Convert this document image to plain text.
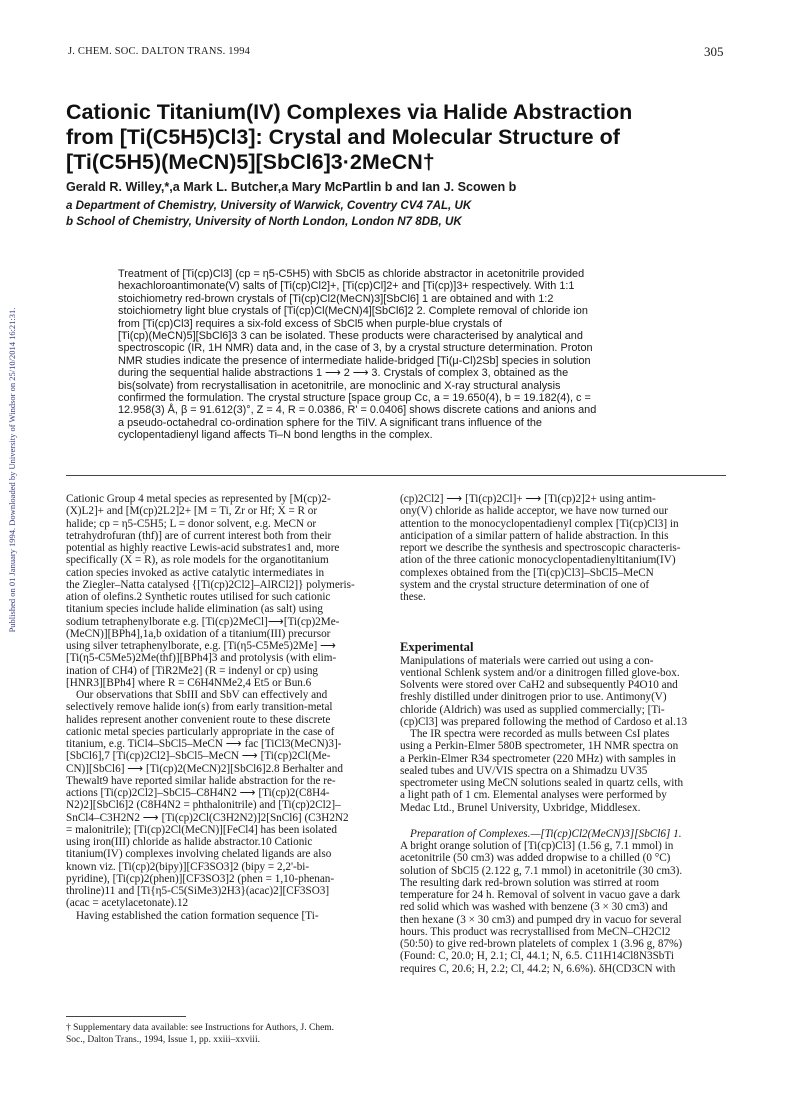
J. CHEM. SOC. DALTON TRANS. 1994	305
Published on 01 January 1994. Downloaded by University of Windsor on 25/10/2014 16:21:31.
Cationic Titanium(IV) Complexes via Halide Abstraction
from [Ti(C5H5)Cl3]: Crystal and Molecular Structure of
[Ti(C5H5)(MeCN)5][SbCl6]3·2MeCN†
Gerald R. Willey,*,a Mark L. Butcher,a Mary McPartlin b and Ian J. Scowen b
a Department of Chemistry, University of Warwick, Coventry CV4 7AL, UK
b School of Chemistry, University of North London, London N7 8DB, UK
Treatment of [Ti(cp)Cl3] (cp = η5-C5H5) with SbCl5 as chloride abstractor in acetonitrile provided
hexachloroantimonate(V) salts of [Ti(cp)Cl2]+, [Ti(cp)Cl]2+ and [Ti(cp)]3+ respectively. With 1:1
stoichiometry red-brown crystals of [Ti(cp)Cl2(MeCN)3][SbCl6] 1 are obtained and with 1:2
stoichiometry light blue crystals of [Ti(cp)Cl(MeCN)4][SbCl6]2 2. Complete removal of chloride ion
from [Ti(cp)Cl3] requires a six-fold excess of SbCl5 when purple-blue crystals of
[Ti(cp)(MeCN)5][SbCl6]3 3 can be isolated. These products were characterised by analytical and
spectroscopic (IR, 1H NMR) data and, in the case of 3, by a crystal structure determination. Proton
NMR studies indicate the presence of intermediate halide-bridged [Ti(μ-Cl)2Sb] species in solution
during the sequential halide abstractions 1 ⟶ 2 ⟶ 3. Crystals of complex 3, obtained as the
bis(solvate) from recrystallisation in acetonitrile, are monoclinic and X-ray structural analysis
confirmed the formulation. The crystal structure [space group Cc, a = 19.650(4), b = 19.182(4), c =
12.958(3) Å, β = 91.612(3)°, Z = 4, R = 0.0386, R' = 0.0406] shows discrete cations and anions and
a pseudo-octahedral co-ordination sphere for the TiIV. A significant trans influence of the
cyclopentadienyl ligand affects Ti–N bond lengths in the complex.
Cationic Group 4 metal species as represented by [M(cp)2-
(X)L2]+ and [M(cp)2L2]2+ [M = Ti, Zr or Hf; X = R or
halide; cp = η5-C5H5; L = donor solvent, e.g. MeCN or
tetrahydrofuran (thf)] are of current interest both from their
potential as highly reactive Lewis-acid substrates1 and, more
specifically (X = R), as role models for the organotitanium
cation species invoked as active catalytic intermediates in
the Ziegler–Natta catalysed {[Ti(cp)2Cl2]–AlRCl2]} polymeris-
ation of olefins.2 Synthetic routes utilised for such cationic
titanium species include halide elimination (as salt) using
sodium tetraphenylborate e.g. [Ti(cp)2MeCl]⟶[Ti(cp)2Me-
(MeCN)][BPh4],1a,b oxidation of a titanium(III) precursor
using silver tetraphenylborate, e.g. [Ti(η5-C5Me5)2Me] ⟶
[Ti(η5-C5Me5)2Me(thf)][BPh4]3 and protolysis (with elim-
ination of CH4) of [TiR2Me2] (R = indenyl or cp) using
[HNR3][BPh4] where R = C6H4NMe2,4 Et5 or Bun.6
Our observations that SbIII and SbV can effectively and
selectively remove halide ion(s) from early transition-metal
halides represent another convenient route to these discrete
cationic metal species particularly appropriate in the case of
titanium, e.g. TiCl4–SbCl5–MeCN ⟶ fac [TiCl3(MeCN)3]-
[SbCl6],7 [Ti(cp)2Cl2]–SbCl5–MeCN ⟶ [Ti(cp)2Cl(Me-
CN)][SbCl6] ⟶ [Ti(cp)2(MeCN)2][SbCl6]2.8 Berhalter and
Thewalt9 have reported similar halide abstraction for the re-
actions [Ti(cp)2Cl2]–SbCl5–C8H4N2 ⟶ [Ti(cp)2(C8H4-
N2)2][SbCl6]2 (C8H4N2 = phthalonitrile) and [Ti(cp)2Cl2]–
SnCl4–C3H2N2 ⟶ [Ti(cp)2Cl(C3H2N2)]2[SnCl6] (C3H2N2
= malonitrile); [Ti(cp)2Cl(MeCN)][FeCl4] has been isolated
using iron(III) chloride as halide abstractor.10 Cationic
titanium(IV) complexes involving chelated ligands are also
known viz. [Ti(cp)2(bipy)][CF3SO3]2 (bipy = 2,2'-bi-
pyridine), [Ti(cp)2(phen)][CF3SO3]2 (phen = 1,10-phenan-
throline)11 and [Ti{η5-C5(SiMe3)2H3}(acac)2][CF3SO3]
(acac = acetylacetonate).12
Having established the cation formation sequence [Ti-
† Supplementary data available: see Instructions for Authors, J. Chem.
Soc., Dalton Trans., 1994, Issue 1, pp. xxiii–xxviii.
(cp)2Cl2] ⟶ [Ti(cp)2Cl]+ ⟶ [Ti(cp)2]2+ using antim-
ony(V) chloride as halide acceptor, we have now turned our
attention to the monocyclopentadienyl complex [Ti(cp)Cl3] in
anticipation of a similar pattern of halide abstraction. In this
report we describe the synthesis and spectroscopic characteris-
ation of the three cationic monocyclopentadienyltitanium(IV)
complexes obtained from the [Ti(cp)Cl3]–SbCl5–MeCN
system and the crystal structure determination of one of
these.
Experimental
Manipulations of materials were carried out using a con-
ventional Schlenk system and/or a dinitrogen filled glove-box.
Solvents were stored over CaH2 and subsequently P4O10 and
freshly distilled under dinitrogen prior to use. Antimony(V)
chloride (Aldrich) was used as supplied commercially; [Ti-
(cp)Cl3] was prepared following the method of Cardoso et al.13
The IR spectra were recorded as mulls between CsI plates
using a Perkin-Elmer 580B spectrometer, 1H NMR spectra on
a Perkin-Elmer R34 spectrometer (220 MHz) with samples in
sealed tubes and UV/VIS spectra on a Shimadzu UV35
spectrometer using MeCN solutions sealed in quartz cells, with
a light path of 1 cm. Elemental analyses were performed by
Medac Ltd., Brunel University, Uxbridge, Middlesex.
Preparation of Complexes.—[Ti(cp)Cl2(MeCN)3][SbCl6] 1.
A bright orange solution of [Ti(cp)Cl3] (1.56 g, 7.1 mmol) in
acetonitrile (50 cm3) was added dropwise to a chilled (0 °C)
solution of SbCl5 (2.122 g, 7.1 mmol) in acetonitrile (30 cm3).
The resulting dark red-brown solution was stirred at room
temperature for 24 h. Removal of solvent in vacuo gave a dark
red solid which was washed with benzene (3 × 30 cm3) and
then hexane (3 × 30 cm3) and pumped dry in vacuo for several
hours. This product was recrystallised from MeCN–CH2Cl2
(50:50) to give red-brown platelets of complex 1 (3.96 g, 87%)
(Found: C, 20.0; H, 2.1; Cl, 44.1; N, 6.5. C11H14Cl8N3SbTi
requires C, 20.6; H, 2.2; Cl, 44.2; N, 6.6%). δH(CD3CN with
